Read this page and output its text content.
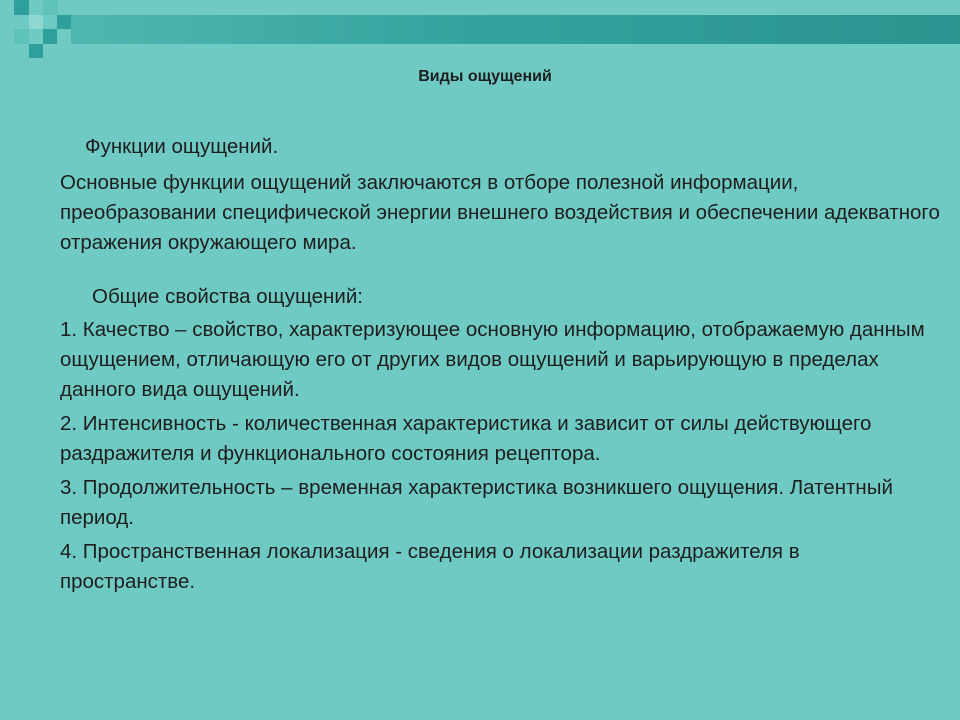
Виды ощущений

Функции ощущений.

Основные функции ощущений заключаются в отборе полезной информации, преобразовании специфической энергии внешнего воздействия и обеспечении адекватного отражения окружающего мира.

Общие свойства ощущений:

1. Качество – свойство, характеризующее основную информацию, отображаемую данным ощущением, отличающую его от других видов ощущений и варьирующую в пределах данного вида ощущений.

2. Интенсивность - количественная характеристика и зависит от силы действующего раздражителя и функционального состояния рецептора.

3. Продолжительность – временная характеристика возникшего ощущения. Латентный период.

4. Пространственная локализация - сведения о локализации раздражителя в пространстве.
